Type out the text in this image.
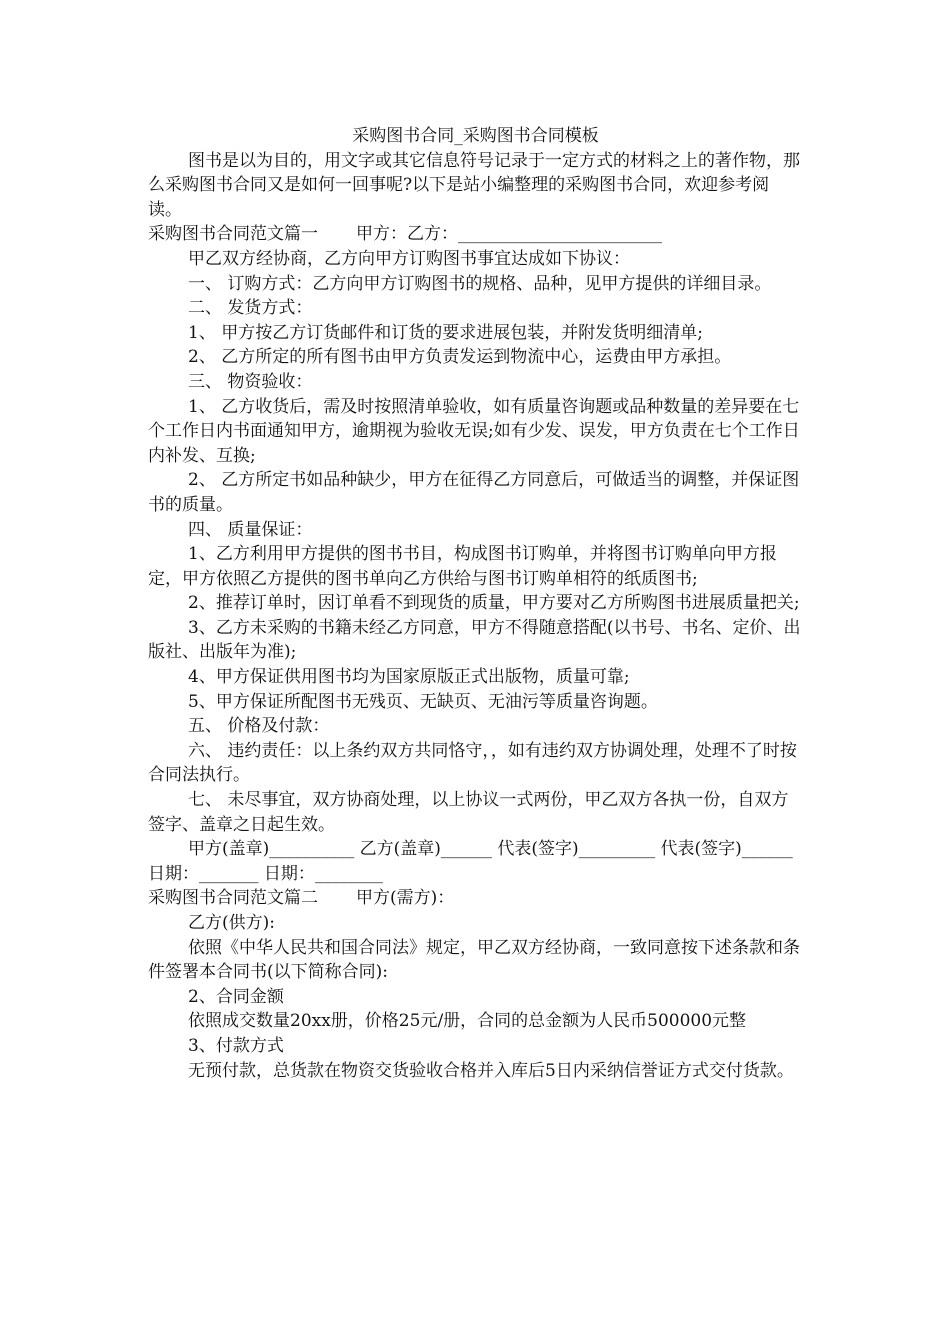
采购图书合同_采购图书合同模板

图书是以为目的，用文字或其它信息符号记录于一定方式的材料之上的著作物，那么采购图书合同又是如何一回事呢?以下是站小编整理的采购图书合同，欢迎参考阅读。

采购图书合同范文篇一 甲方：乙方：________________________

甲乙双方经协商，乙方向甲方订购图书事宜达成如下协议：

一、 订购方式：乙方向甲方订购图书的规格、品种，见甲方提供的详细目录。

二、 发货方式：

1、 甲方按乙方订货邮件和订货的要求进展包装，并附发货明细清单;

2、 乙方所定的所有图书由甲方负责发运到物流中心，运费由甲方承担。

三、 物资验收：

1、 乙方收货后，需及时按照清单验收，如有质量咨询题或品种数量的差异要在七个工作日内书面通知甲方，逾期视为验收无误;如有少发、误发，甲方负责在七个工作日内补发、互换;

2、 乙方所定书如品种缺少，甲方在征得乙方同意后，可做适当的调整，并保证图书的质量。

四、 质量保证：

1、乙方利用甲方提供的图书书目，构成图书订购单，并将图书订购单向甲方报定，甲方依照乙方提供的图书单向乙方供给与图书订购单相符的纸质图书;

2、推荐订单时，因订单看不到现货的质量，甲方要对乙方所购图书进展质量把关;

3、乙方未采购的书籍未经乙方同意，甲方不得随意搭配(以书号、书名、定价、出版社、出版年为准);

4、甲方保证供用图书均为国家原版正式出版物，质量可靠;

5、甲方保证所配图书无残页、无缺页、无油污等质量咨询题。

五、 价格及付款：

六、 违约责任：以上条约双方共同恪守，，如有违约双方协调处理，处理不了时按合同法执行。

七、 未尽事宜，双方协商处理，以上协议一式两份，甲乙双方各执一份，自双方签字、盖章之日起生效。

甲方(盖章)__________ 乙方(盖章)______ 代表(签字)_________ 代表(签字)______ 日期：_______ 日期：________

采购图书合同范文篇二 甲方(需方)：

乙方(供方):

依照《中华人民共和国合同法》规定，甲乙双方经协商，一致同意按下述条款和条件签署本合同书(以下简称合同):

2、合同金额

依照成交数量20xx册，价格25元/册，合同的总金额为人民币500000元整

3、付款方式

无预付款，总货款在物资交货验收合格并入库后5日内采纳信誉证方式交付货款。
